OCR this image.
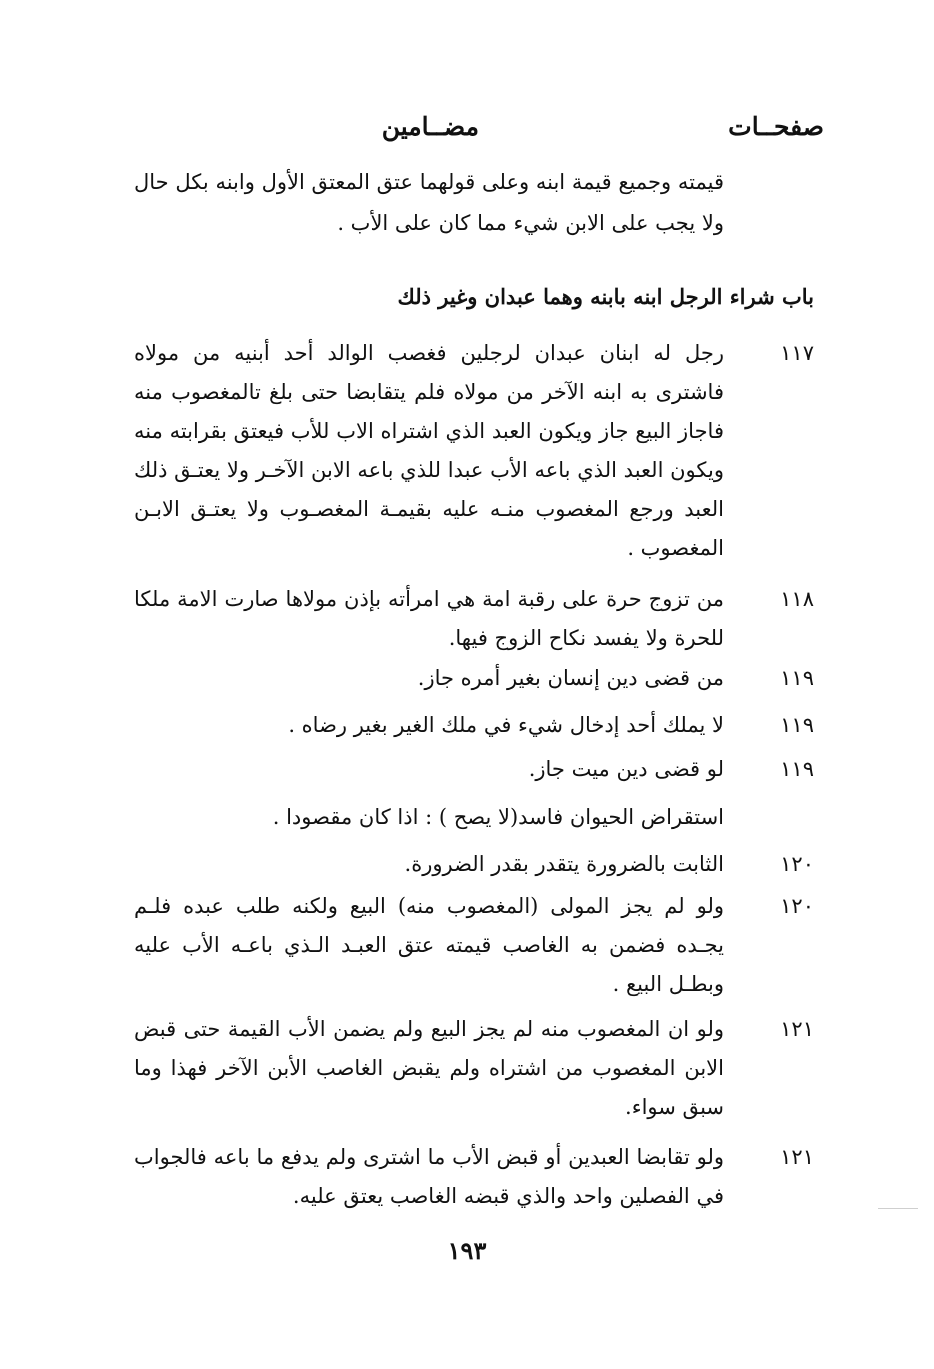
صفحــات
مضــامين
قيمته وجميع قيمة ابنه وعلى قولهما عتق المعتق الأول وابنه بكل حال ولا يجب على الابن شيء مما كان على الأب .
باب شراء الرجل ابنه بابنه وهما عبدان وغير ذلك
١١٧
رجل له ابنان عبدان لرجلين فغصب الوالد أحد أبنيه من مولاه فاشترى به ابنه الآخر من مولاه فلم يتقابضا حتى بلغ تالمغصوب منه فاجاز البيع جاز ويكون العبد الذي اشتراه الاب للأب فيعتق بقرابته منه ويكون العبد الذي باعه الأب عبدا للذي باعه الابن الآخـر ولا يعتـق ذلك العبد ورجع المغصوب منـه عليه بقيمـة المغصـوب ولا يعتـق الابـن المغصوب .
١١٨
من تزوج حرة على رقبة امة هي امرأته بإذن مولاها صارت الامة ملكا للحرة ولا يفسد نكاح الزوج فيها.
١١٩
من قضى دين إنسان بغير أمره جاز.
١١٩
لا يملك أحد إدخال شيء في ملك الغير بغير رضاه .
١١٩
لو قضى دين ميت جاز.
١٢٠
الثابت بالضرورة يتقدر بقدر الضرورة.
١٢٠
ولو لم يجز المولى (المغصوب منه) البيع ولكنه طلب عبده فلـم يجـده فضمن به الغاصب قيمته عتق العبـد الـذي باعـه الأب عليه وبطـل البيع .
١٢١
ولو ان المغصوب منه لم يجز البيع ولم يضمن الأب القيمة حتى قبض الابن المغصوب من اشتراه ولم يقبض الغاصب الأبن الآخر فهذا وما سبق سواء.
١٢١
ولو تقابضا العبدين أو قبض الأب ما اشترى ولم يدفع ما باعه فالجواب في الفصلين واحد والذي قبضه الغاصب يعتق عليه.
استقراض الحيوان فاسد(لا يصح ) : اذا كان مقصودا .
١٩٣
